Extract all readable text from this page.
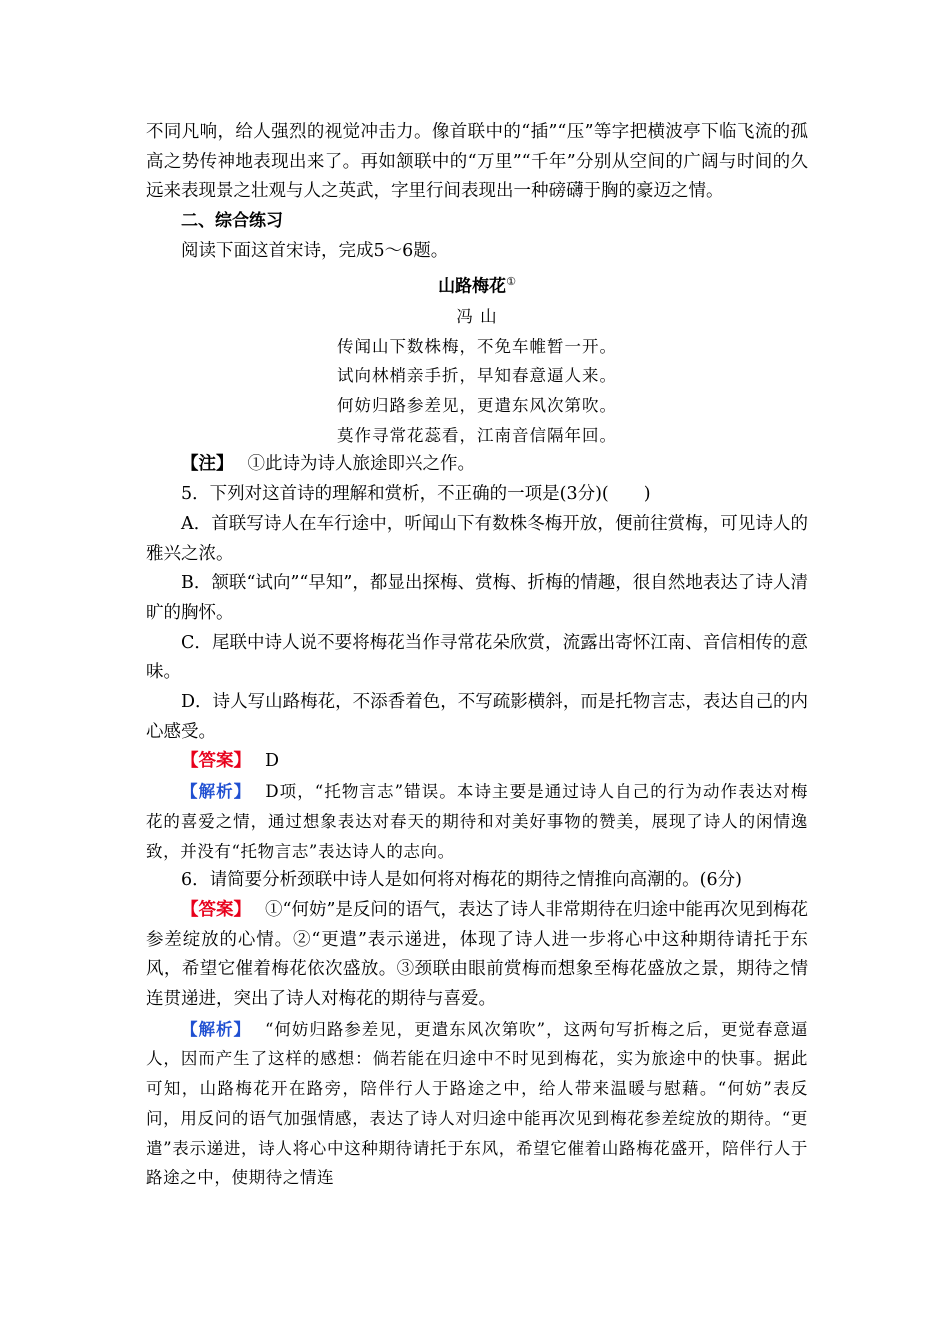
不同凡响，给人强烈的视觉冲击力。像首联中的“插”“压”等字把横波亭下临飞流的孤高之势传神地表现出来了。再如颔联中的“万里”“千年”分别从空间的广阔与时间的久远来表现景之壮观与人之英武，字里行间表现出一种磅礴于胸的豪迈之情。

二、综合练习

阅读下面这首宋诗，完成5～6题。

山路梅花①

冯 山

传闻山下数株梅，不免车帷暂一开。

试向林梢亲手折，早知春意逼人来。

何妨归路参差见，更遣东风次第吹。

莫作寻常花蕊看，江南音信隔年回。

【注】 ①此诗为诗人旅途即兴之作。

5．下列对这首诗的理解和赏析，不正确的一项是(3分)(　　)

A．首联写诗人在车行途中，听闻山下有数株冬梅开放，便前往赏梅，可见诗人的雅兴之浓。

B．颔联“试向”“早知”，都显出探梅、赏梅、折梅的情趣，很自然地表达了诗人清旷的胸怀。

C．尾联中诗人说不要将梅花当作寻常花朵欣赏，流露出寄怀江南、音信相传的意味。

D．诗人写山路梅花，不添香着色，不写疏影横斜，而是托物言志，表达自己的内心感受。

【答案】 D

【解析】 D项，“托物言志”错误。本诗主要是通过诗人自己的行为动作表达对梅花的喜爱之情，通过想象表达对春天的期待和对美好事物的赞美，展现了诗人的闲情逸致，并没有“托物言志”表达诗人的志向。

6．请简要分析颈联中诗人是如何将对梅花的期待之情推向高潮的。(6分)

【答案】 ①“何妨”是反问的语气，表达了诗人非常期待在归途中能再次见到梅花参差绽放的心情。②“更遣”表示递进，体现了诗人进一步将心中这种期待请托于东风，希望它催着梅花依次盛放。③颈联由眼前赏梅而想象至梅花盛放之景，期待之情连贯递进，突出了诗人对梅花的期待与喜爱。

【解析】 “何妨归路参差见，更遣东风次第吹”，这两句写折梅之后，更觉春意逼人，因而产生了这样的感想：倘若能在归途中不时见到梅花，实为旅途中的快事。据此可知，山路梅花开在路旁，陪伴行人于路途之中，给人带来温暖与慰藉。“何妨”表反问，用反问的语气加强情感，表达了诗人对归途中能再次见到梅花参差绽放的期待。“更遣”表示递进，诗人将心中这种期待请托于东风，希望它催着山路梅花盛开，陪伴行人于路途之中，使期待之情连
